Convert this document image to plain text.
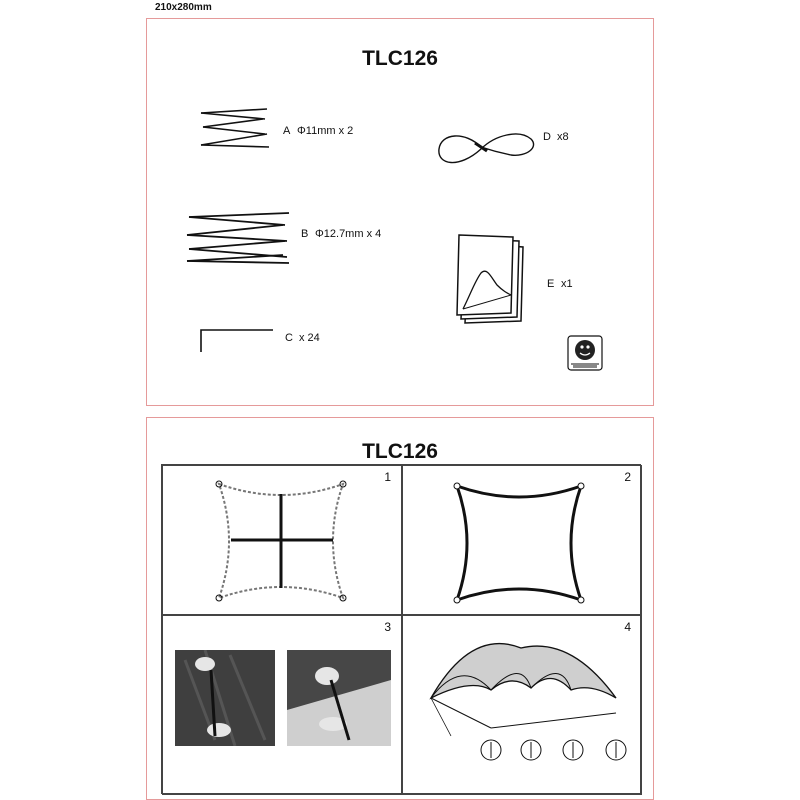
210x280mm
TLC126
A Φ11mm x 2
B Φ12.7mm x 4
C x 24
D x8
E x1
TLC126
1	2
3	4
